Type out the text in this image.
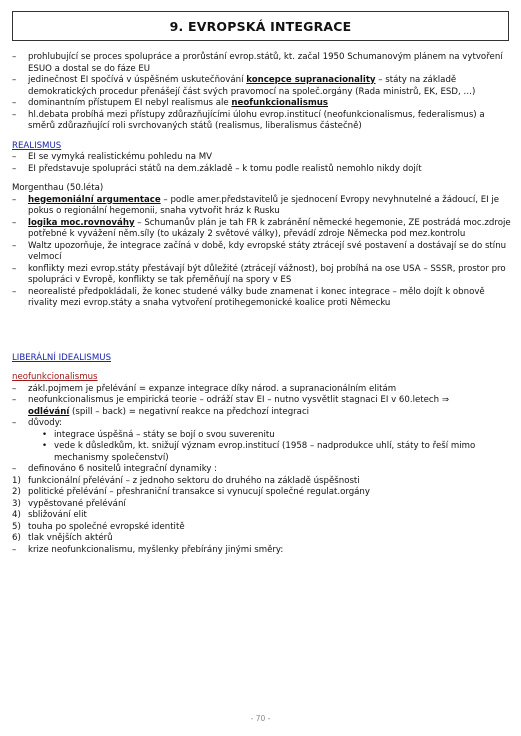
9. EVROPSKÁ INTEGRACE
–	prohlubující se proces spolupráce a prorůstání evrop.států, kt. začal 1950 Schumanovým plánem na vytvoření ESUO a dostal se do fáze EU
–	jedinečnost EI spočívá v úspěšném uskutečňování koncepce supranacionality – státy na základě demokratických procedur přenášejí část svých pravomocí na společ.orgány (Rada ministrů, EK, ESD, …)
–	dominantním přístupem EI nebyl realismus ale neofunkcionalismus
–	hl.debata probíhá mezi přístupy zdůrazňujícími úlohu evrop.institucí (neofunkcionalismus, federalismus) a směrů zdůrazňující roli svrchovaných států (realismus, liberalismus částečně)
REALISMUS
–	EI se vymyká realistickému pohledu na MV
–	EI představuje spolupráci států na dem.základě – k tomu podle realistů nemohlo nikdy dojít
Morgenthau (50.léta)
–	hegemoniální argumentace – podle amer.představitelů je sjednocení Evropy nevyhnutelné a žádoucí, EI je pokus o regionální hegemonii, snaha vytvořit hráz k Rusku
–	logika moc.rovnováhy – Schumanův plán je tah FR k zabránění německé hegemonie, ZE postrádá moc.zdroje potřebné k vyvážení něm.síly (to ukázaly 2 světové války), převádí zdroje Německa pod mez.kontrolu
–	Waltz upozorňuje, že integrace začíná v době, kdy evropské státy ztrácejí své postavení a dostávají se do stínu velmocí
–	konflikty mezi evrop.státy přestávají být důležité (ztrácejí vážnost), boj probíhá na ose USA – SSSR, prostor pro spolupráci v Evropě, konflikty se tak přeměňují na spory v ES
–	neorealisté předpokládali, že konec studené války bude znamenat i konec integrace – mělo dojít k obnově rivality mezi evrop.státy a snaha vytvoření protihegemonické koalice proti Německu
LIBERÁLNÍ IDEALISMUS
neofunkcionalismus
–	zákl.pojmem je přelévání = expanze integrace díky národ. a supranacionálním elitám
–	neofunkcionalismus je empirická teorie – odráží stav EI – nutno vysvětlit stagnaci EI v 60.letech ⇒
odlévání (spill – back) = negativní reakce na předchozí integraci
–	důvody:
• integrace úspěšná – státy se bojí o svou suverenitu
• vede k důsledkům, kt. snižují význam evrop.institucí (1958 – nadprodukce uhlí, státy to řeší mimo mechanismy společenství)
–	definováno 6 nositelů integrační dynamiky :
1) funkcionální přelévání – z jednoho sektoru do druhého na základě úspěšnosti
2) politické přelévání – přeshraniční transakce si vynucují společné regulat.orgány
3) vypěstované přelévání
4) sbližování elit
5) touha po společné evropské identitě
6) tlak vnějších aktérů
–	krize neofunkcionalismu, myšlenky přebírány jinými směry:
- 70 -
